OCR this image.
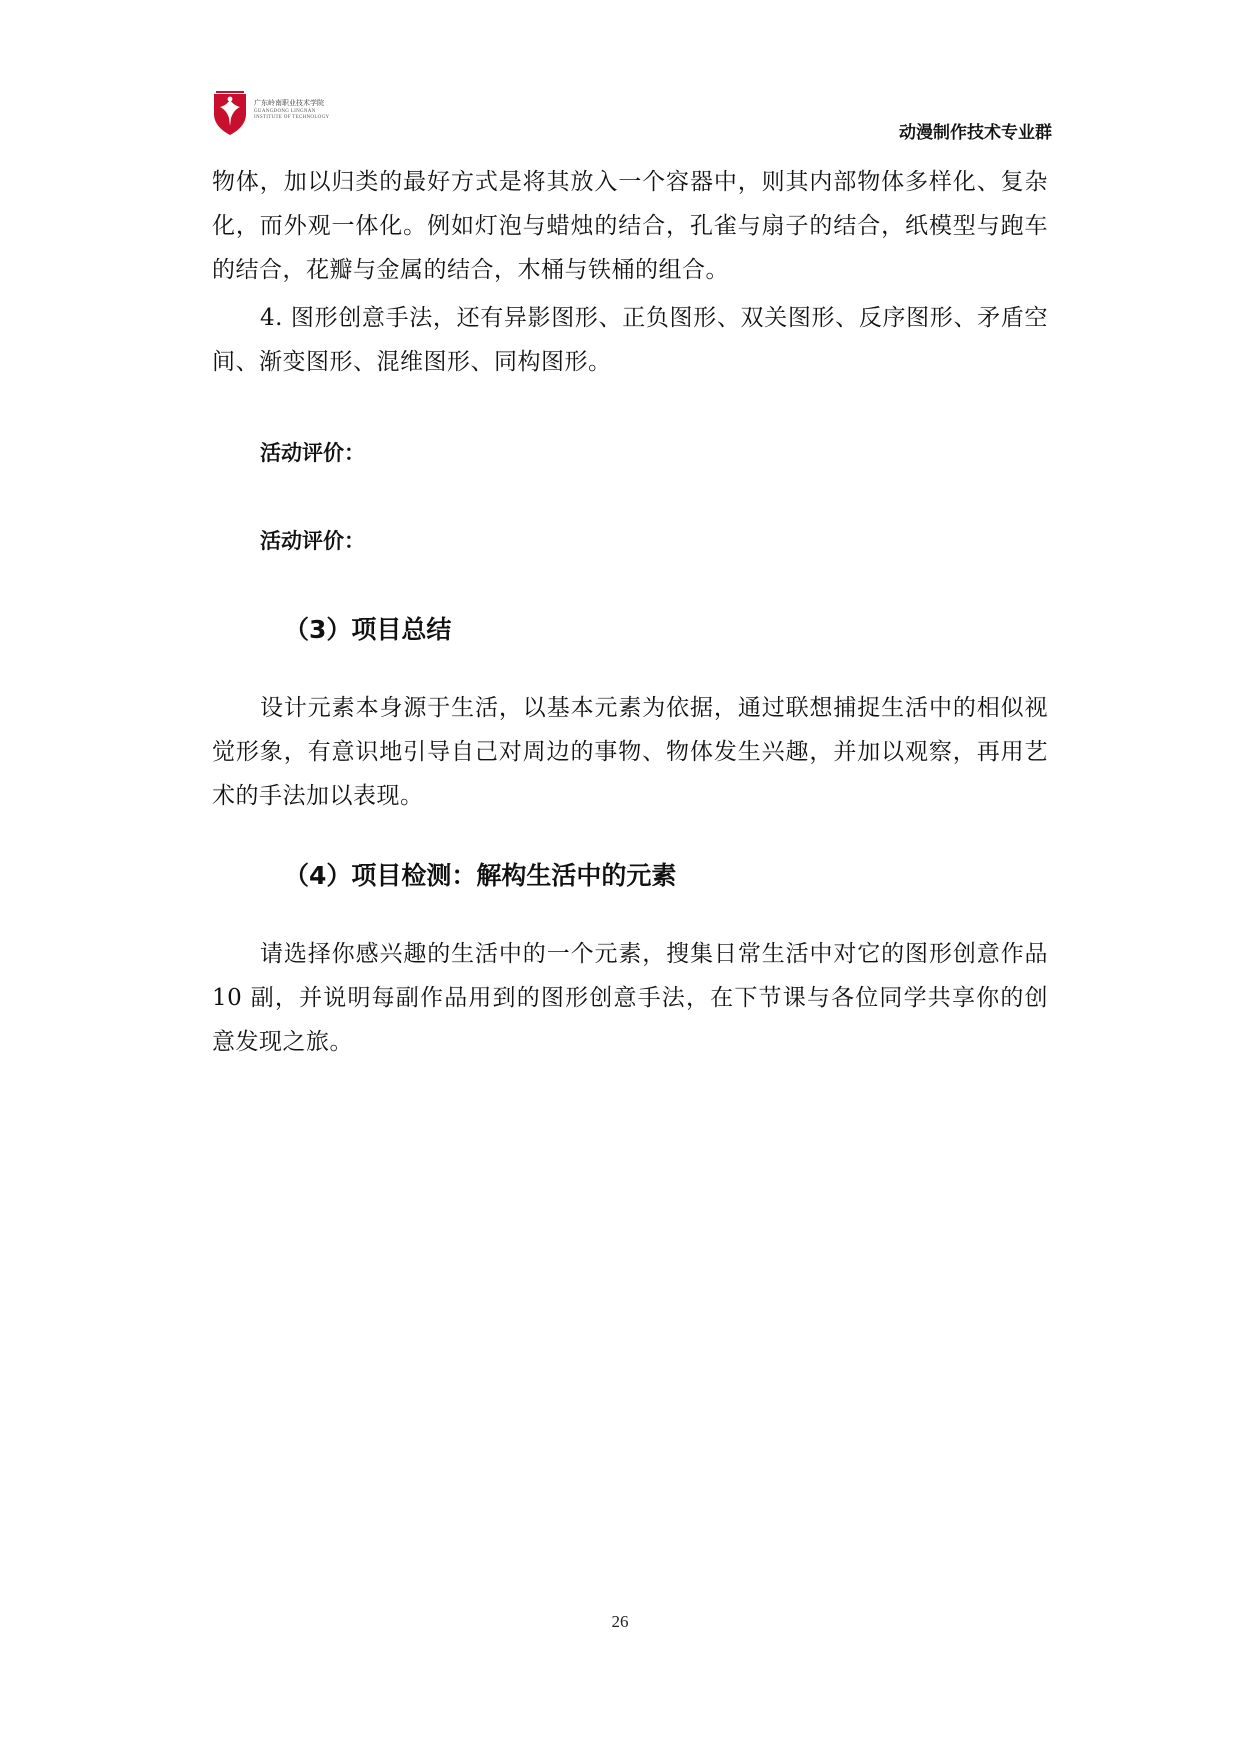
广东岭南职业技术学院
GUANGDONG LINGNAN
INSTITUTE OF TECHNOLOGY
动漫制作技术专业群

物体，加以归类的最好方式是将其放入一个容器中，则其内部物体多样化、复杂化，而外观一体化。例如灯泡与蜡烛的结合，孔雀与扇子的结合，纸模型与跑车的结合，花瓣与金属的结合，木桶与铁桶的组合。

4. 图形创意手法，还有异影图形、正负图形、双关图形、反序图形、矛盾空间、渐变图形、混维图形、同构图形。

活动评价：

活动评价：

（3）项目总结

设计元素本身源于生活，以基本元素为依据，通过联想捕捉生活中的相似视觉形象，有意识地引导自己对周边的事物、物体发生兴趣，并加以观察，再用艺术的手法加以表现。

（4）项目检测：解构生活中的元素

请选择你感兴趣的生活中的一个元素，搜集日常生活中对它的图形创意作品 10 副，并说明每副作品用到的图形创意手法，在下节课与各位同学共享你的创意发现之旅。

26
